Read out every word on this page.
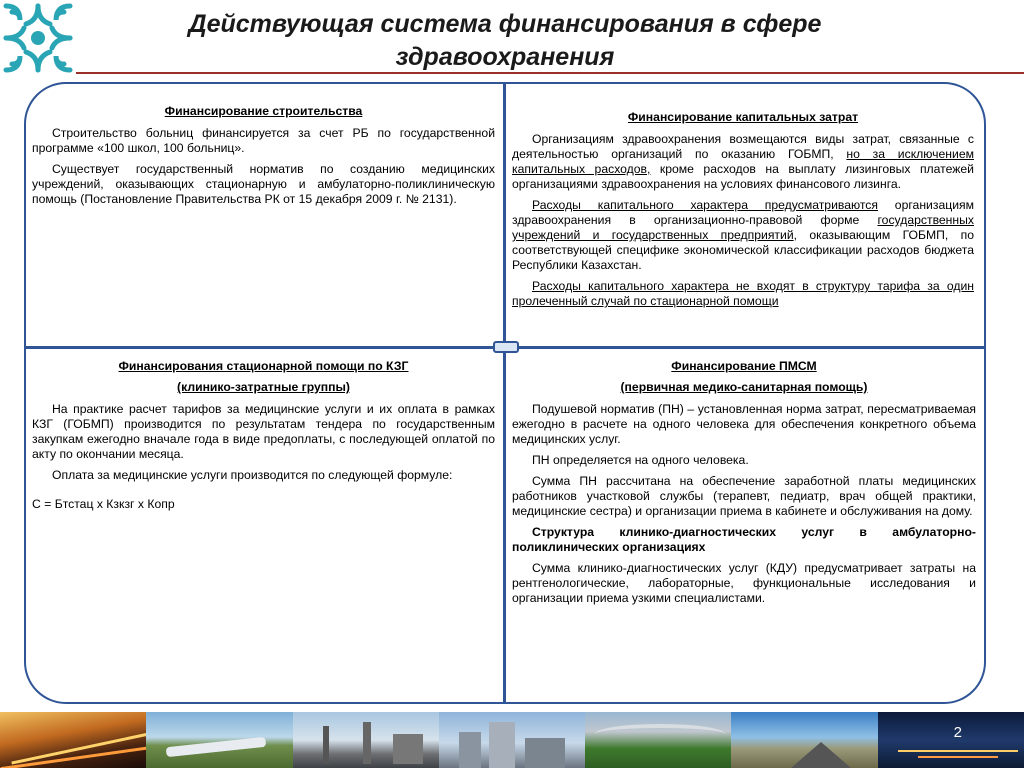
Действующая система финансирования в сфере здравоохранения
Финансирование строительства

Строительство больниц финансируется за счет РБ по государственной программе «100 школ, 100 больниц».

Существует государственный норматив по созданию медицинских учреждений, оказывающих стационарную и амбулаторно-поликлиническую помощь (Постановление Правительства РК от 15 декабря 2009 г. № 2131).

Финансирование капитальных затрат

Организациям здравоохранения возмещаются виды затрат, связанные с деятельностью организаций по оказанию ГОБМП, но за исключением капитальных расходов, кроме расходов на выплату лизинговых платежей организациями здравоохранения на условиях финансового лизинга.

Расходы капитального характера предусматриваются организациям здравоохранения в организационно-правовой форме государственных учреждений и государственных предприятий, оказывающим ГОБМП, по соответствующей специфике экономической классификации расходов бюджета Республики Казахстан.

Расходы капитального характера не входят в структуру тарифа за один пролеченный случай по стационарной помощи

Финансирования стационарной помощи по КЗГ
(клинико-затратные группы)

На практике расчет тарифов за медицинские услуги и их оплата в рамках КЗГ (ГОБМП) производится по результатам тендера по государственным закупкам ежегодно вначале года в виде предоплаты, с последующей оплатой по акту по окончании месяца.

Оплата за медицинские услуги производится по следующей формуле:

С = Бтстац х Кзкзг х Копр

Финансирование ПМСМ
(первичная медико-санитарная помощь)

Подушевой норматив (ПН) – установленная норма затрат, пересматриваемая ежегодно в расчете на одного человека для обеспечения конкретного объема медицинских услуг.

ПН определяется на одного человека.

Сумма ПН рассчитана на обеспечение заработной платы медицинских работников участковой службы (терапевт, педиатр, врач общей практики, медицинские сестра) и организации приема в кабинете и обслуживания на дому.

Структура клинико-диагностических услуг в амбулаторно-поликлинических организациях

Сумма клинико-диагностических услуг (КДУ) предусматривает затраты на рентгенологические, лабораторные, функциональные исследования и организации приема узкими специалистами.

2
